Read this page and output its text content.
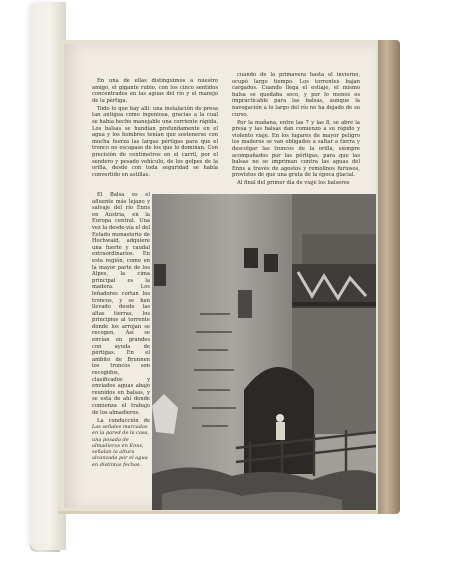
En una de ellas distinguimos a nuestro amigo, el gigante rubio, con los cinco sentidos concentrados en las aguas del río y el manejo de la pértiga.

Todo lo que hay allí: una instalación de presa tan antigua como ingeniosa, gracias a la cual se había hecho manejable una corriente rápida. Los balsas se hundían profundamente en el agua y los hombres tenían que sostenerse con mucha fuerza las largas pértigas para que el tronco no escapase de los que lo dominan. Con precisión de centímetros en el carril, por el sendero y pesado vehículo, de los golpes de la orilla, desde con toda seguridad se había convertido en astillas.

cuando de la primavera hasta el invierno, ocupó largo tiempo. Los torrentes bajan cargados. Cuando llega el estiaje, el mismo balsa se quedaba seco, y por lo menos es impracticable para las balsas, aunque la navegación a lo largo del río no ha dejado de su curso.

Por la mañana, entre las 7 y las 8, se abre la presa y las balsas dan comienzo a su rápido y violento viaje. En los lugares de mayor peligro los maderos se van obligados a saltar a tierra y descolgar las troncos de la orilla, siempre acompañados por las pértigas, para que las balsas no se impriman contra las aguas del Enns a través de agostos y remolinos furiosos, provistos de que una gruta de la época glacial.

Al final del primer día de viaje los balseros

El Balsa es el afluente más lejano y salvaje del río Enns en Austria, en la Europa central. Una vez la desde-vía el del Estado monasterio de Hochwald, adquiere una fuerte y caudal extraordinarios. En esta región, como en la mayor parte de los Alpes, la cima principal es la madera. Los leñadores cortan los troncos, y se han llevado desde las altas tierras, los principios al torrente donde los arrojan se recogen. Así se envían en grandes con ayuda de pértigas. En el ambito de Brunnen los troncos son recogidos, clasificados y enviados aguas abajo reunidos en balsas, y se está de ahí donde comienza el trabajo de los almadieros.

La conducción de

Las señales marcadas en la pared de la casa, una posada de almadieros en Enns, señalan la altura alcanzada por el agua en distintas fechas.
